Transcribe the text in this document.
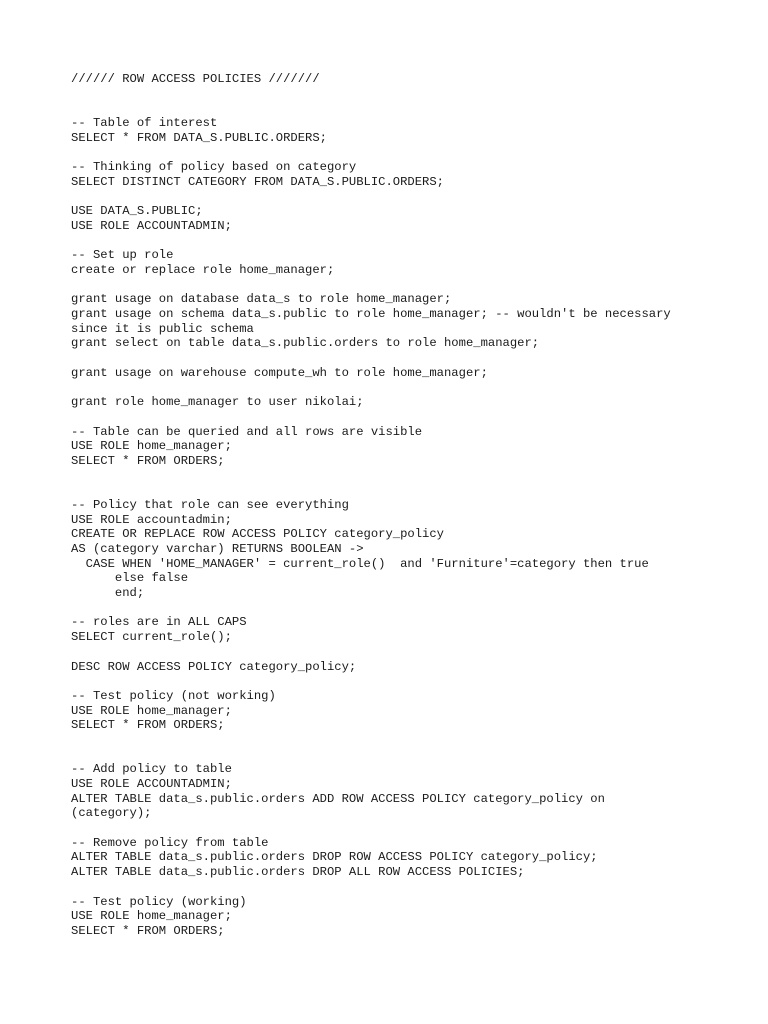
////// ROW ACCESS POLICIES ///////
-- Table of interest
SELECT * FROM DATA_S.PUBLIC.ORDERS;
-- Thinking of policy based on category
SELECT DISTINCT CATEGORY FROM DATA_S.PUBLIC.ORDERS;
USE DATA_S.PUBLIC;
USE ROLE ACCOUNTADMIN;
-- Set up role
create or replace role home_manager;
grant usage on database data_s to role home_manager;
grant usage on schema data_s.public to role home_manager; -- wouldn't be necessary
since it is public schema
grant select on table data_s.public.orders to role home_manager;
grant usage on warehouse compute_wh to role home_manager;
grant role home_manager to user nikolai;
-- Table can be queried and all rows are visible
USE ROLE home_manager;
SELECT * FROM ORDERS;
-- Policy that role can see everything
USE ROLE accountadmin;
CREATE OR REPLACE ROW ACCESS POLICY category_policy
AS (category varchar) RETURNS BOOLEAN ->
CASE WHEN 'HOME_MANAGER' = current_role()  and 'Furniture'=category then true
else false
end;
-- roles are in ALL CAPS
SELECT current_role();
DESC ROW ACCESS POLICY category_policy;
-- Test policy (not working)
USE ROLE home_manager;
SELECT * FROM ORDERS;
-- Add policy to table
USE ROLE ACCOUNTADMIN;
ALTER TABLE data_s.public.orders ADD ROW ACCESS POLICY category_policy on
(category);
-- Remove policy from table
ALTER TABLE data_s.public.orders DROP ROW ACCESS POLICY category_policy;
ALTER TABLE data_s.public.orders DROP ALL ROW ACCESS POLICIES;
-- Test policy (working)
USE ROLE home_manager;
SELECT * FROM ORDERS;
